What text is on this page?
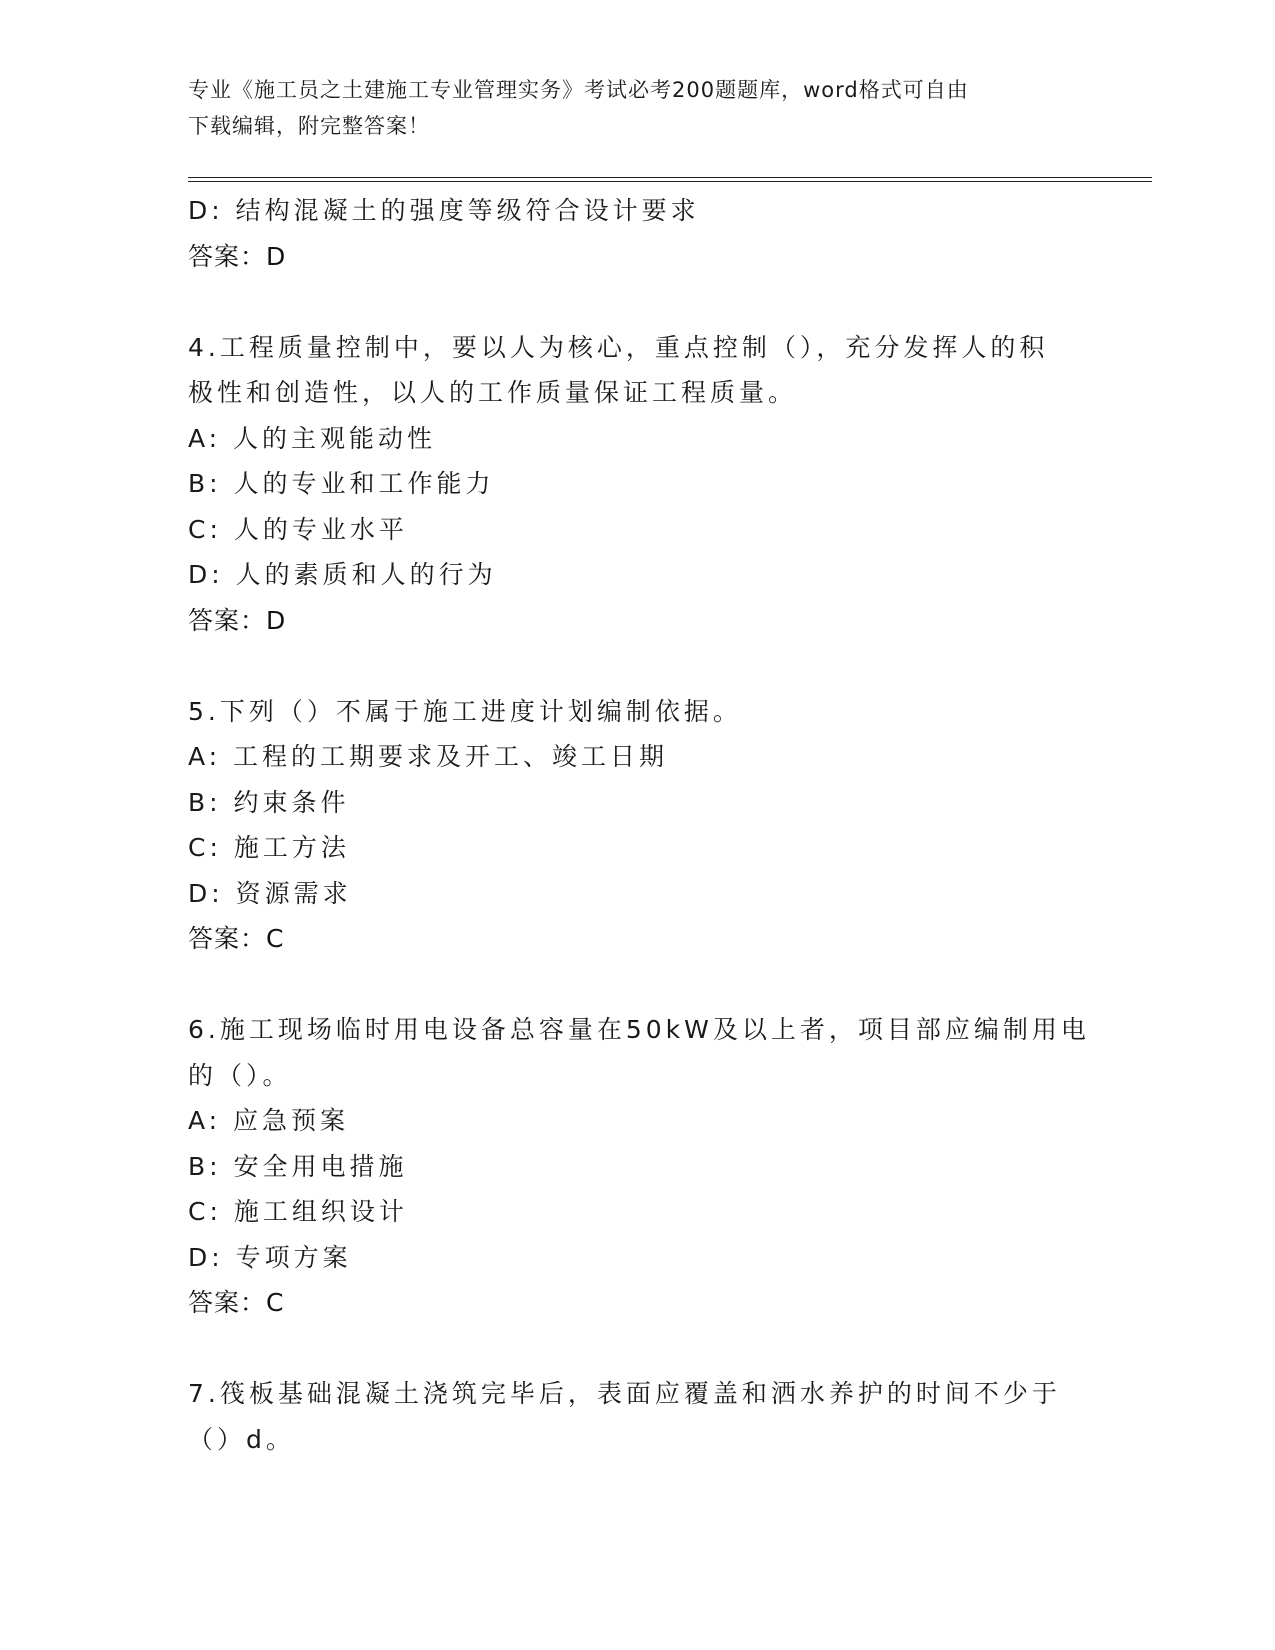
专业《施工员之土建施工专业管理实务》考试必考200题题库，word格式可自由
下载编辑，附完整答案！
D: 结构混凝土的强度等级符合设计要求
答案：D
4.工程质量控制中，要以人为核心，重点控制（），充分发挥人的积
极性和创造性，以人的工作质量保证工程质量。
A: 人的主观能动性
B: 人的专业和工作能力
C: 人的专业水平
D: 人的素质和人的行为
答案：D
5.下列（）不属于施工进度计划编制依据。
A: 工程的工期要求及开工、竣工日期
B: 约束条件
C: 施工方法
D: 资源需求
答案：C
6.施工现场临时用电设备总容量在50kW及以上者，项目部应编制用电
的（）。
A: 应急预案
B: 安全用电措施
C: 施工组织设计
D: 专项方案
答案：C
7.筏板基础混凝土浇筑完毕后，表面应覆盖和洒水养护的时间不少于
（）d。
